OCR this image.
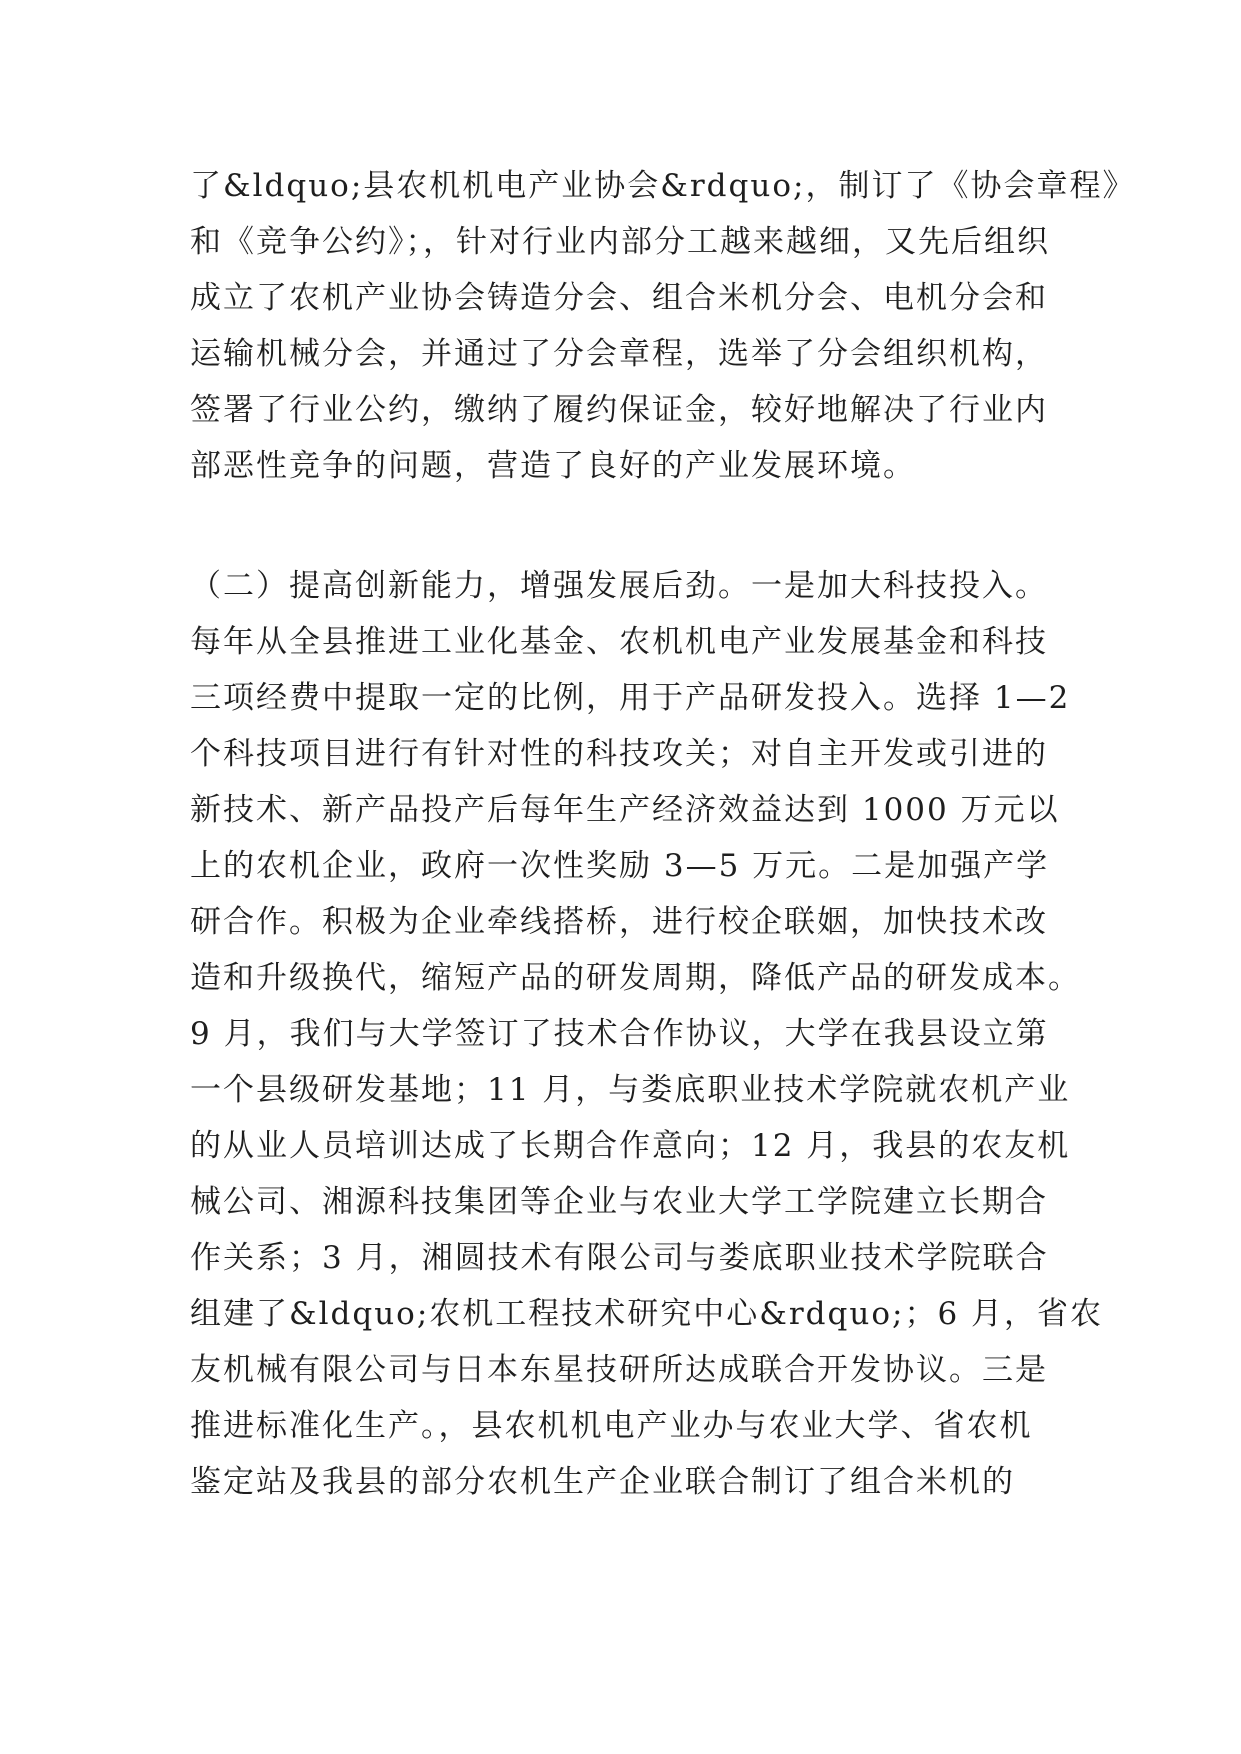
了&ldquo;县农机机电产业协会&rdquo;，制订了《协会章程》
和《竞争公约》；，针对行业内部分工越来越细，又先后组织
成立了农机产业协会铸造分会、组合米机分会、电机分会和
运输机械分会，并通过了分会章程，选举了分会组织机构，
签署了行业公约，缴纳了履约保证金，较好地解决了行业内
部恶性竞争的问题，营造了良好的产业发展环境。
（二）提高创新能力，增强发展后劲。一是加大科技投入。
每年从全县推进工业化基金、农机机电产业发展基金和科技
三项经费中提取一定的比例，用于产品研发投入。选择 1—2
个科技项目进行有针对性的科技攻关；对自主开发或引进的
新技术、新产品投产后每年生产经济效益达到 1000 万元以
上的农机企业，政府一次性奖励 3—5 万元。二是加强产学
研合作。积极为企业牵线搭桥，进行校企联姻，加快技术改
造和升级换代，缩短产品的研发周期，降低产品的研发成本。
9 月，我们与大学签订了技术合作协议，大学在我县设立第
一个县级研发基地；11 月，与娄底职业技术学院就农机产业
的从业人员培训达成了长期合作意向；12 月，我县的农友机
械公司、湘源科技集团等企业与农业大学工学院建立长期合
作关系；3 月，湘圆技术有限公司与娄底职业技术学院联合
组建了&ldquo;农机工程技术研究中心&rdquo;；6 月，省农
友机械有限公司与日本东星技研所达成联合开发协议。三是
推进标准化生产。，县农机机电产业办与农业大学、省农机
鉴定站及我县的部分农机生产企业联合制订了组合米机的
